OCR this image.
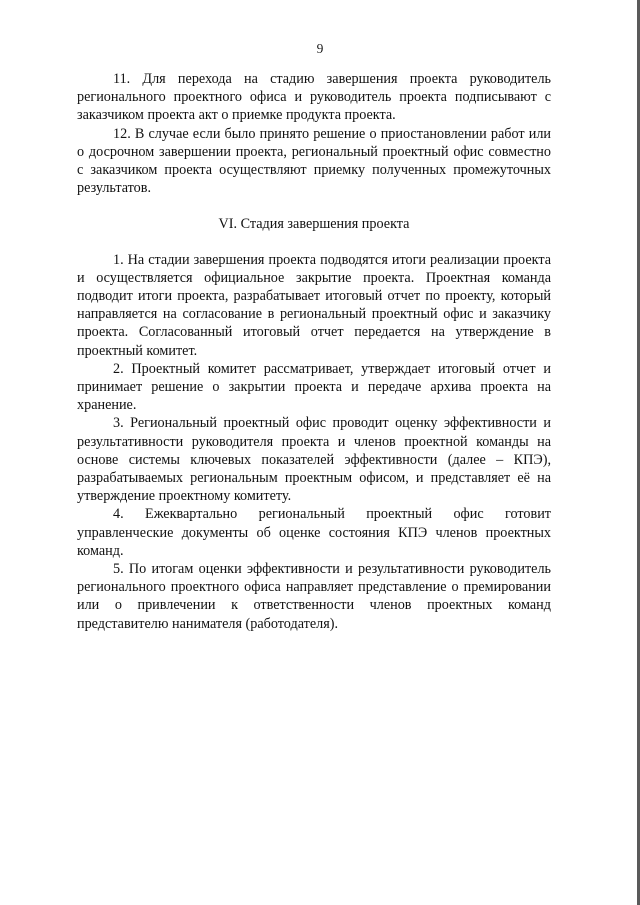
9

11. Для перехода на стадию завершения проекта руководитель регионального проектного офиса и руководитель проекта подписывают с заказчиком проекта акт о приемке продукта проекта.

12. В случае если было принято решение о приостановлении работ или о досрочном завершении проекта, региональный проектный офис совместно с заказчиком проекта осуществляют приемку полученных промежуточных результатов.

VI. Стадия завершения проекта

1. На стадии завершения проекта подводятся итоги реализации проекта и осуществляется официальное закрытие проекта. Проектная команда подводит итоги проекта, разрабатывает итоговый отчет по проекту, который направляется на согласование в региональный проектный офис и заказчику проекта. Согласованный итоговый отчет передается на утверждение в проектный комитет.

2. Проектный комитет рассматривает, утверждает итоговый отчет и принимает решение о закрытии проекта и передаче архива проекта на хранение.

3. Региональный проектный офис проводит оценку эффективности и результативности руководителя проекта и членов проектной команды на основе системы ключевых показателей эффективности (далее – КПЭ), разрабатываемых региональным проектным офисом, и представляет её на утверждение проектному комитету.

4. Ежеквартально региональный проектный офис готовит управленческие документы об оценке состояния КПЭ членов проектных команд.

5. По итогам оценки эффективности и результативности руководитель регионального проектного офиса направляет представление о премировании или о привлечении к ответственности членов проектных команд представителю нанимателя (работодателя).
